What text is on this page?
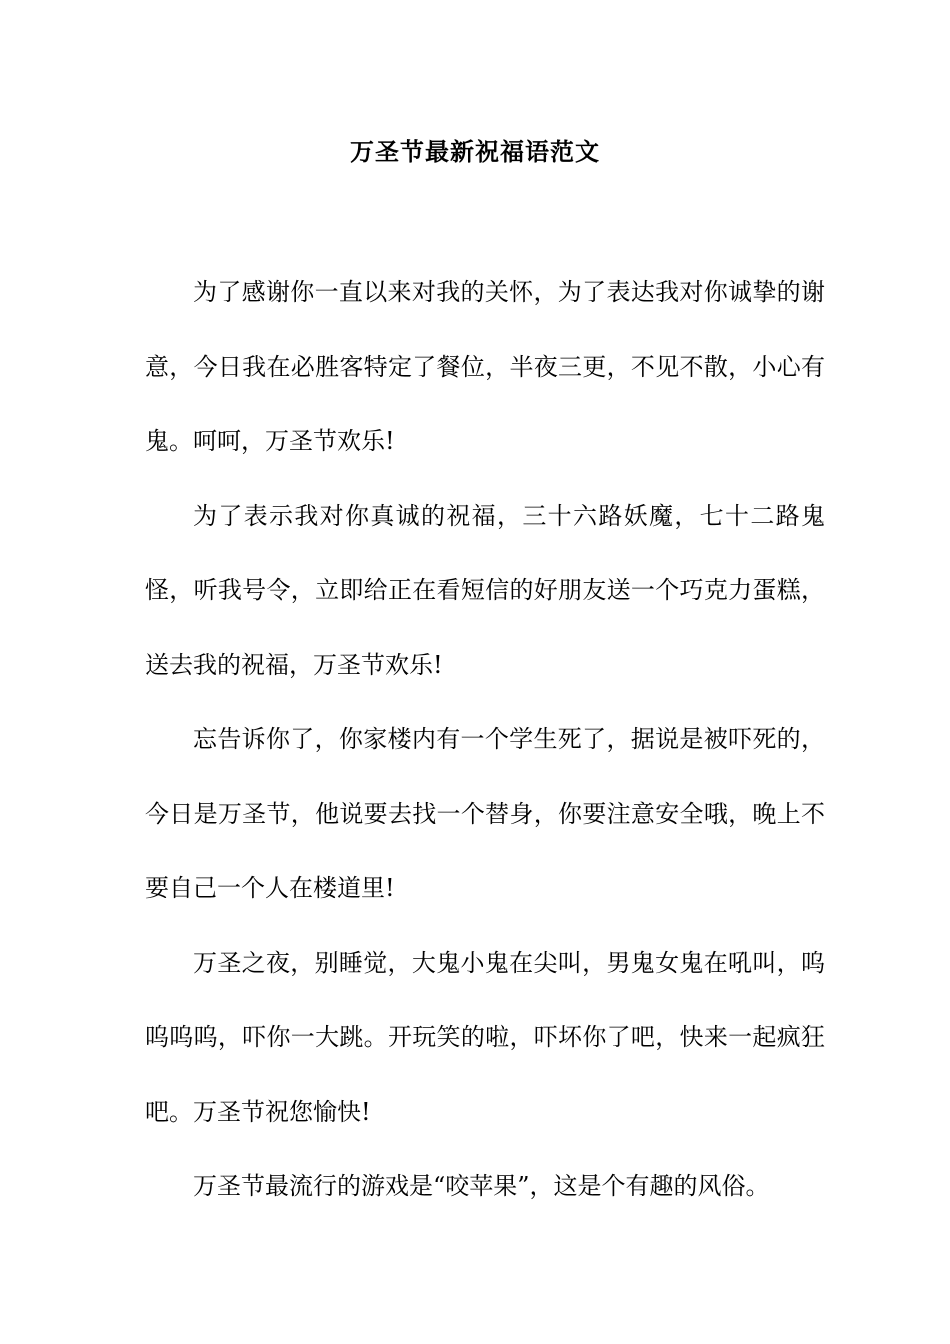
万圣节最新祝福语范文

为了感谢你一直以来对我的关怀，为了表达我对你诚挚的谢意，今日我在必胜客特定了餐位，半夜三更，不见不散，小心有鬼。呵呵，万圣节欢乐!

为了表示我对你真诚的祝福，三十六路妖魔，七十二路鬼怪，听我号令，立即给正在看短信的好朋友送一个巧克力蛋糕，送去我的祝福，万圣节欢乐!

忘告诉你了，你家楼内有一个学生死了，据说是被吓死的，今日是万圣节，他说要去找一个替身，你要注意安全哦，晚上不要自己一个人在楼道里!

万圣之夜，别睡觉，大鬼小鬼在尖叫，男鬼女鬼在吼叫，呜呜呜呜，吓你一大跳。开玩笑的啦，吓坏你了吧，快来一起疯狂吧。万圣节祝您愉快!

万圣节最流行的游戏是“咬苹果”，这是个有趣的风俗。
